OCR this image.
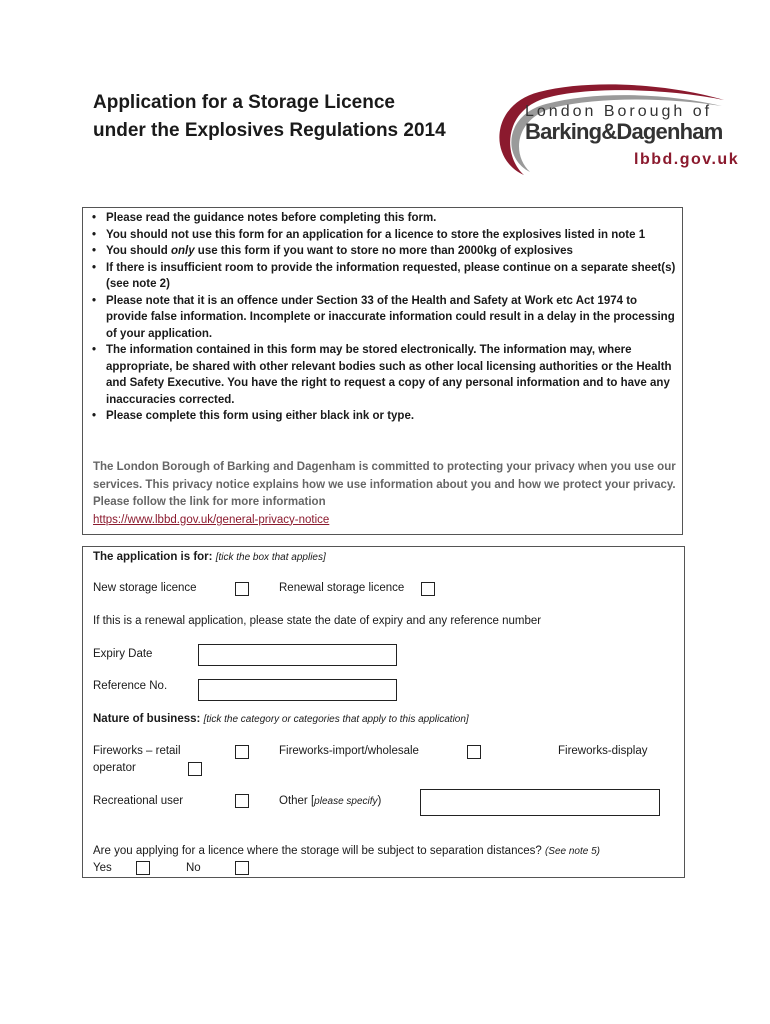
Application for a Storage Licence
under the Explosives Regulations 2014
London Borough of
Barking&Dagenham
lbbd.gov.uk
• Please read the guidance notes before completing this form.
• You should not use this form for an application for a licence to store the explosives listed in note 1
• You should only use this form if you want to store no more than 2000kg of explosives
• If there is insufficient room to provide the information requested, please continue on a separate sheet(s) (see note 2)
• Please note that it is an offence under Section 33 of the Health and Safety at Work etc Act 1974 to provide false information. Incomplete or inaccurate information could result in a delay in the processing of your application.
• The information contained in this form may be stored electronically. The information may, where appropriate, be shared with other relevant bodies such as other local licensing authorities or the Health and Safety Executive. You have the right to request a copy of any personal information and to have any inaccuracies corrected.
• Please complete this form using either black ink or type.
The London Borough of Barking and Dagenham is committed to protecting your privacy when you use our services. This privacy notice explains how we use information about you and how we protect your privacy. Please follow the link for more information
https://www.lbbd.gov.uk/general-privacy-notice
The application is for: [tick the box that applies]
New storage licence	Renewal storage licence
If this is a renewal application, please state the date of expiry and any reference number
Expiry Date
Reference No.
Nature of business: [tick the category or categories that apply to this application]
Fireworks – retail
operator
Fireworks-import/wholesale	Fireworks-display
Recreational user	Other [please specify)
Are you applying for a licence where the storage will be subject to separation distances? (See note 5)
Yes	No
